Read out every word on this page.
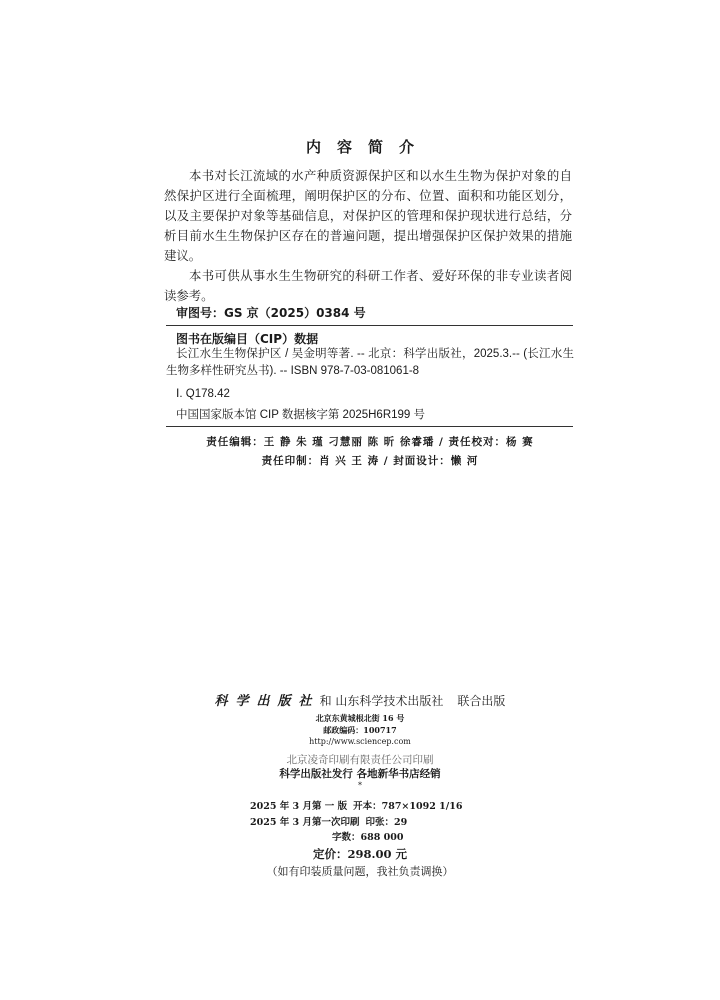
内容简介

本书对长江流域的水产种质资源保护区和以水生生物为保护对象的自然保护区进行全面梳理，阐明保护区的分布、位置、面积和功能区划分，以及主要保护对象等基础信息，对保护区的管理和保护现状进行总结，分析目前水生生物保护区存在的普遍问题，提出增强保护区保护效果的措施建议。

本书可供从事水生生物研究的科研工作者、爱好环保的非专业读者阅读参考。

审图号：GS 京（2025）0384 号
图书在版编目（CIP）数据
长江水生生物保护区 / 吴金明等著. -- 北京：科学出版社，2025.3.-- (长江水生生物多样性研究丛书). -- ISBN 978-7-03-081061-8
Ⅰ. Q178.42
中国国家版本馆 CIP 数据核字第 2025H6R199 号
责任编辑：王 静 朱 瑾 刁慧丽 陈 昕 徐睿璠 / 责任校对：杨 赛
责任印制：肖 兴 王 涛 / 封面设计：懒 河
科学出版社和 山东科学技术出版社 联合出版
北京东黄城根北街 16 号
邮政编码：100717
http://www.sciencep.com
北京凌奇印刷有限责任公司印刷
科学出版社发行 各地新华书店经销
*
2025 年 3 月第 一 版 开本：787×1092 1/16
2025 年 3 月第一次印刷 印张：29
字数：688 000
定价：298.00 元
（如有印装质量问题，我社负责调换）
